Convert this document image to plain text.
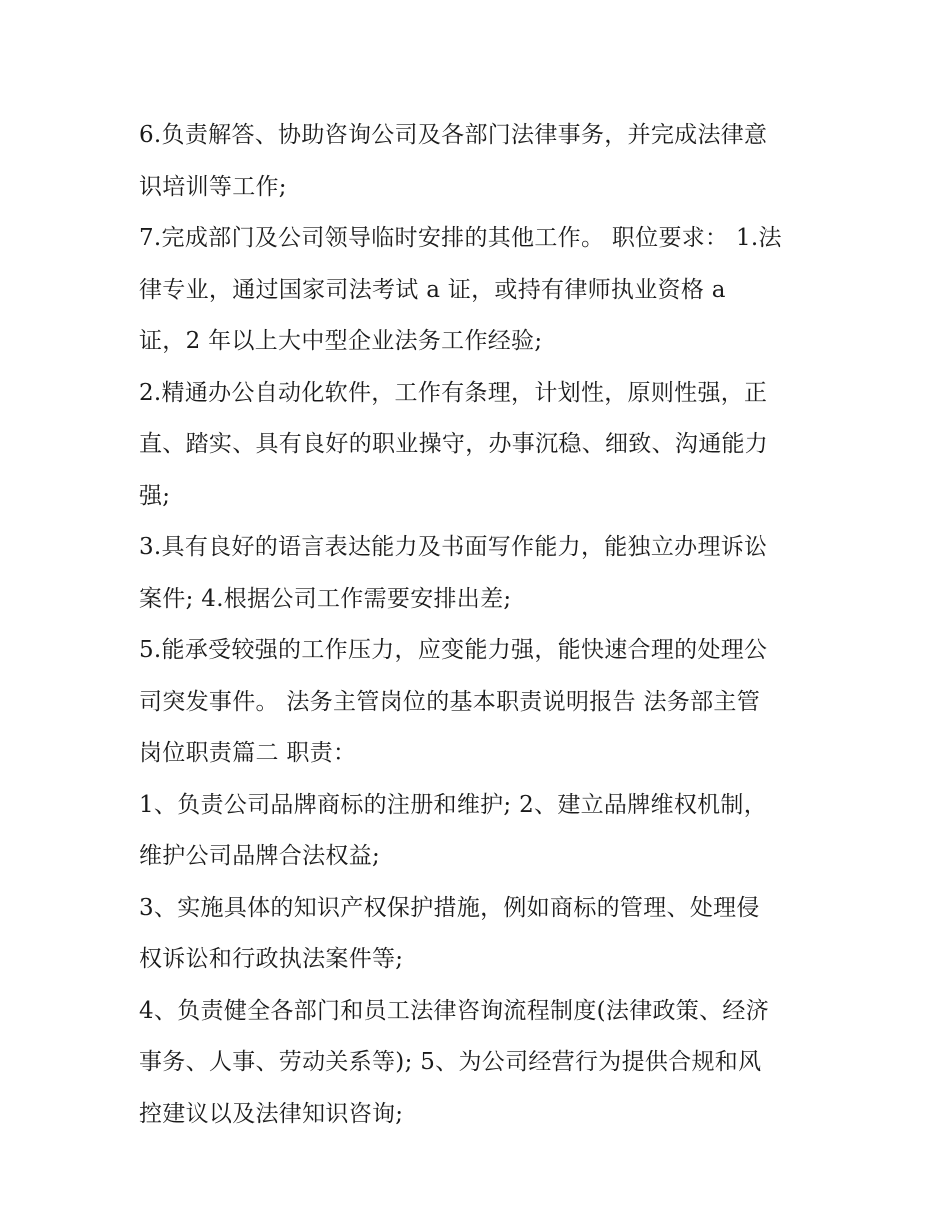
6.负责解答、协助咨询公司及各部门法律事务，并完成法律意
识培训等工作;
7.完成部门及公司领导临时安排的其他工作。 职位要求： 1.法
律专业，通过国家司法考试 a 证，或持有律师执业资格 a
证，2 年以上大中型企业法务工作经验;
2.精通办公自动化软件，工作有条理，计划性，原则性强，正
直、踏实、具有良好的职业操守，办事沉稳、细致、沟通能力
强;
3.具有良好的语言表达能力及书面写作能力，能独立办理诉讼
案件; 4.根据公司工作需要安排出差;
5.能承受较强的工作压力，应变能力强，能快速合理的处理公
司突发事件。 法务主管岗位的基本职责说明报告 法务部主管
岗位职责篇二 职责：
1、负责公司品牌商标的注册和维护; 2、建立品牌维权机制，
维护公司品牌合法权益;
3、实施具体的知识产权保护措施，例如商标的管理、处理侵
权诉讼和行政执法案件等;
4、负责健全各部门和员工法律咨询流程制度(法律政策、经济
事务、人事、劳动关系等); 5、为公司经营行为提供合规和风
控建议以及法律知识咨询;
